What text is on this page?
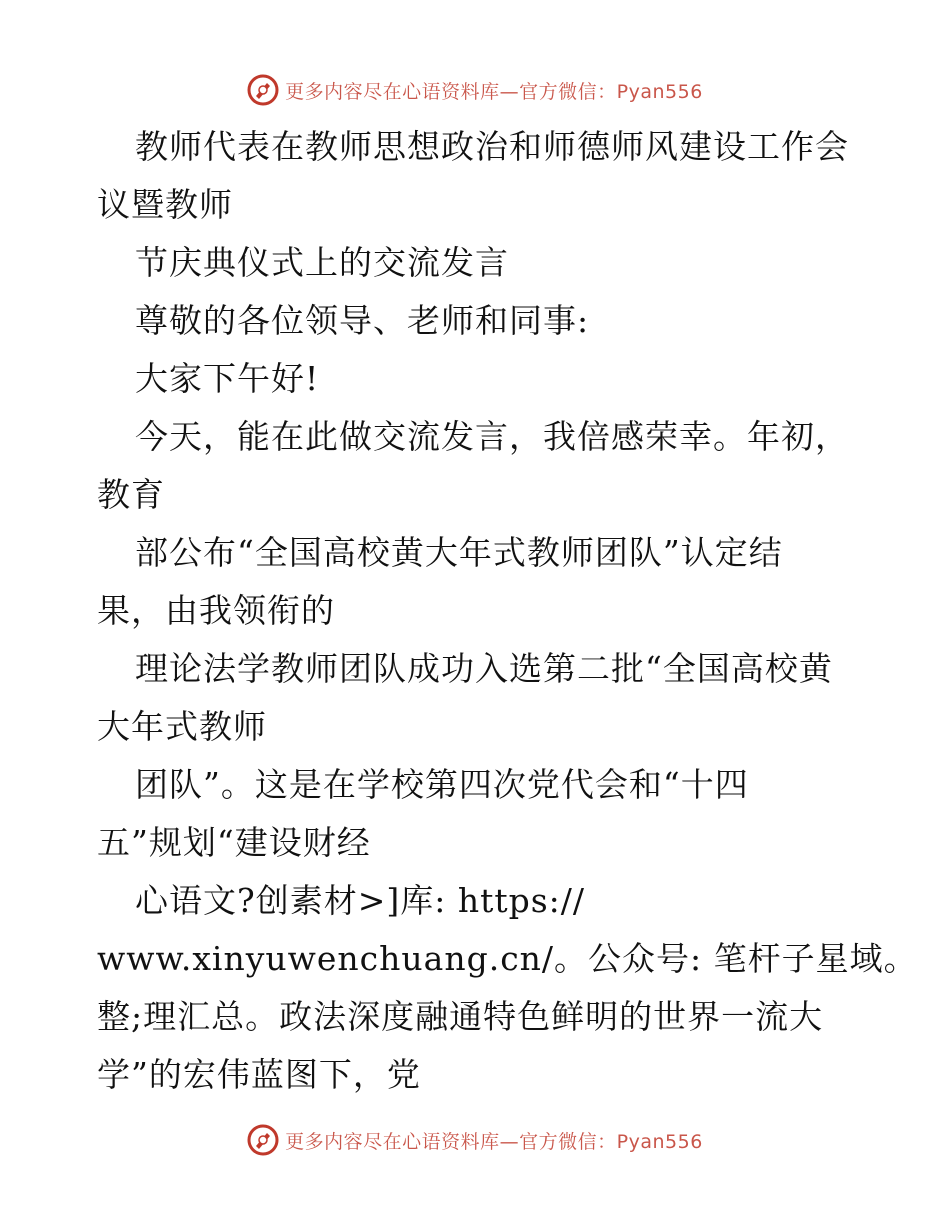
更多内容尽在心语资料库—官方微信：Pyan556
教师代表在教师思想政治和师德师风建设工作会
议暨教师
节庆典仪式上的交流发言
尊敬的各位领导、老师和同事:
大家下午好!
今天，能在此做交流发言，我倍感荣幸。年初，
教育
部公布“全国高校黄大年式教师团队”认定结
果，由我领衔的
理论法学教师团队成功入选第二批“全国高校黄
大年式教师
团队”。这是在学校第四次党代会和“十四
五”规划“建设财经
心语文?创素材>]库: https://
www.xinyuwenchuang.cn/。公众号: 笔杆子星域。
整;理汇总。政法深度融通特色鲜明的世界一流大
学”的宏伟蓝图下，党
更多内容尽在心语资料库—官方微信：Pyan556
